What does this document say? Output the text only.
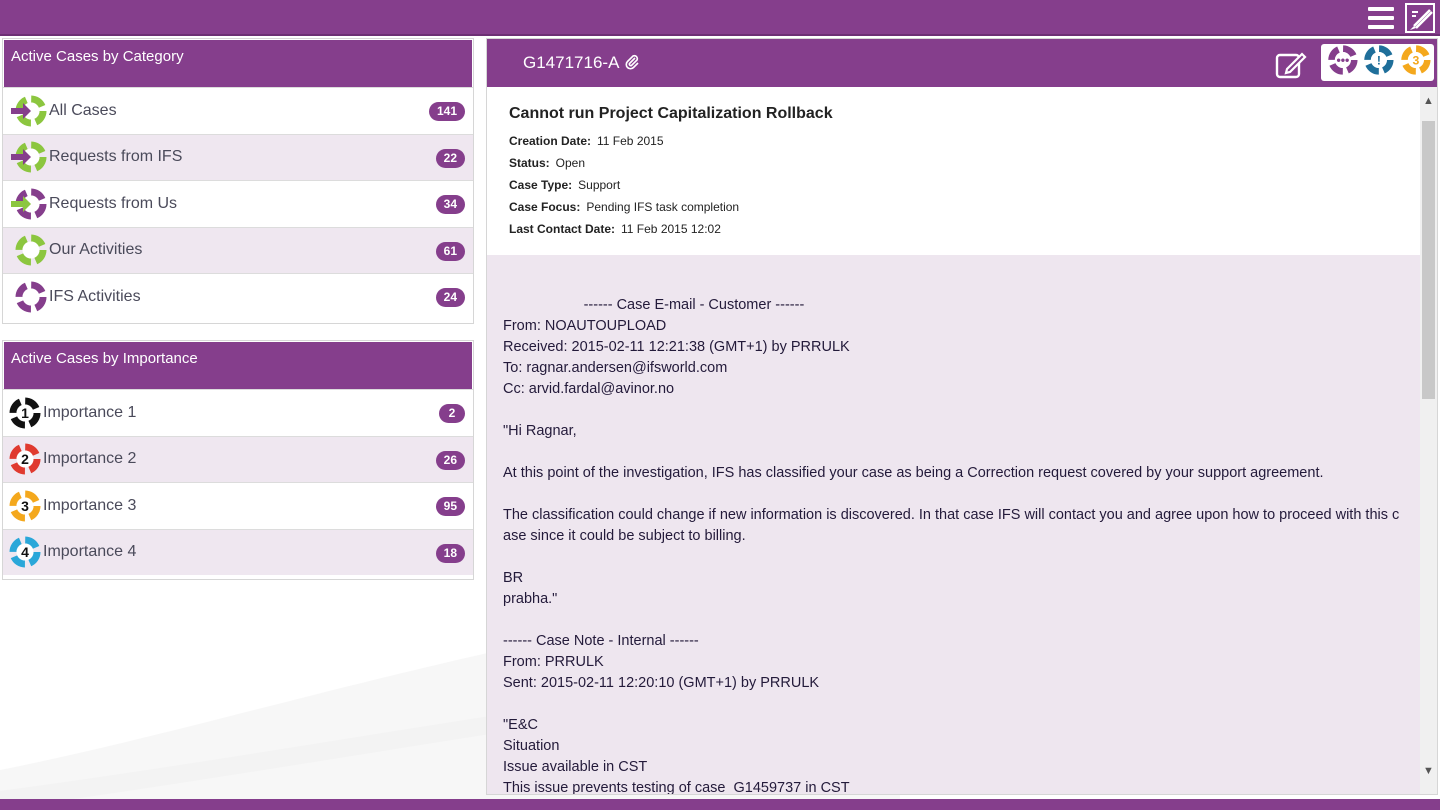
Active Cases by Category
All Cases	141
Requests from IFS	22
Requests from Us	34
Our Activities	61
IFS Activities	24
Active Cases by Importance
1 Importance 1	2
2 Importance 2	26
3 Importance 3	95
4 Importance 4	18
G1471716-A	••• ! 3
Cannot run Project Capitalization Rollback
Creation Date: 11 Feb 2015
Status: Open
Case Type: Support
Case Focus: Pending IFS task completion
Last Contact Date: 11 Feb 2015 12:02
------ Case E-mail - Customer ------
From: NOAUTOUPLOAD
Received: 2015-02-11 12:21:38 (GMT+1) by PRRULK
To: ragnar.andersen@ifsworld.com
Cc: arvid.fardal@avinor.no

"Hi Ragnar,

At this point of the investigation, IFS has classified your case as being a Correction request covered by your support agreement.

The classification could change if new information is discovered. In that case IFS will contact you and agree upon how to proceed with this case since it could be subject to billing.

BR
prabha."

------ Case Note - Internal ------
From: PRRULK
Sent: 2015-02-11 12:20:10 (GMT+1) by PRRULK

"E&C
Situation
Issue available in CST
This issue prevents testing of case  G1459737 in CST
▲
▼
